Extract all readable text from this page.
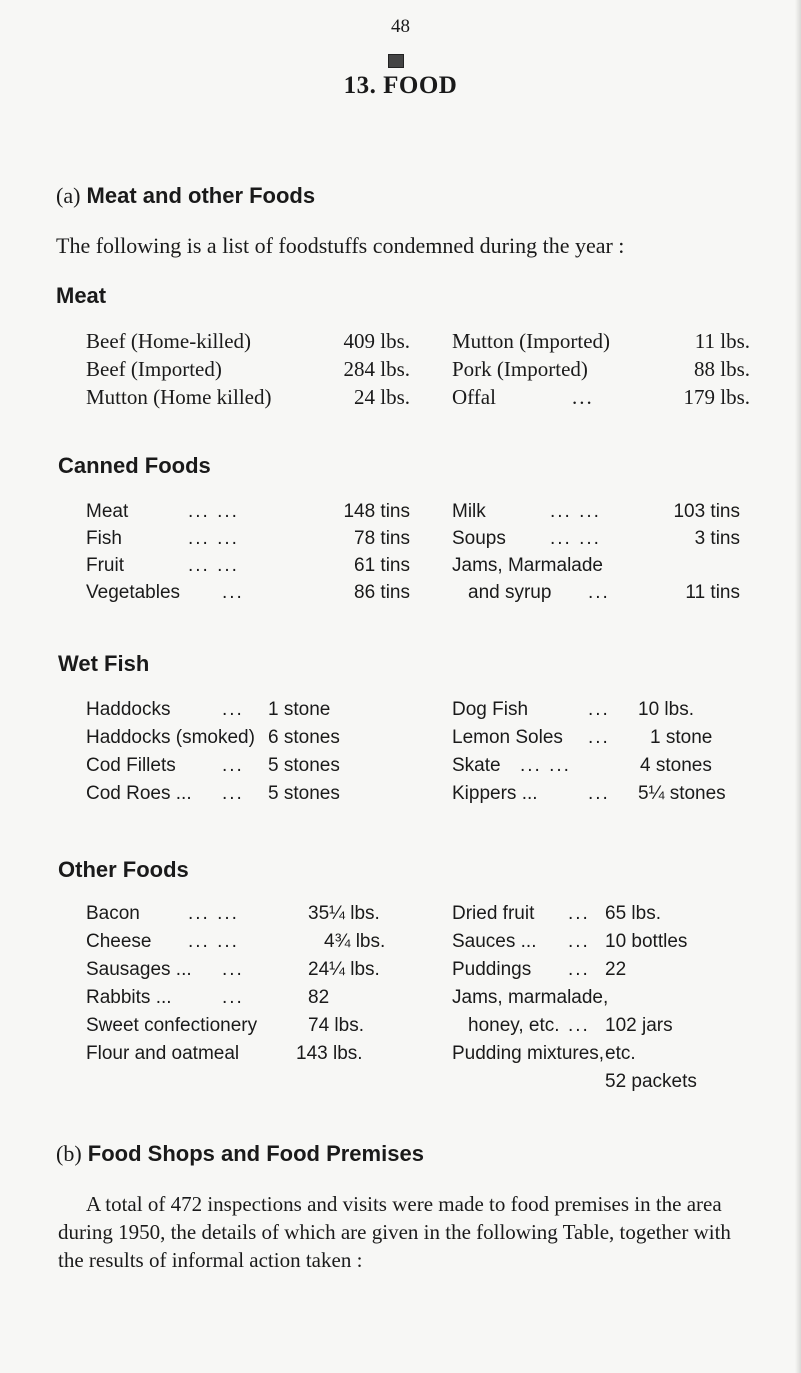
48
13. FOOD
(a) Meat and other Foods
The following is a list of foodstuffs condemned during the year :
Meat
Beef (Home-killed)	409 lbs. Mutton (Imported)	11 lbs.
Beef (Imported)	284 lbs. Pork (Imported)	88 lbs.
Mutton (Home killed)	24 lbs. Offal	...	179 lbs.
Canned Foods
Meat	... ...	148 tins Milk	... ...	103 tins
Fish	... ...	78 tins Soups ... ...	3 tins
Fruit	... ...	61 tins Jams, Marmalade
Vegetables ...	86 tins	and syrup ...	11 tins
Wet Fish
Haddocks	... 1 stone	Dog Fish	... 10 lbs.
Haddocks (smoked) 6 stones	Lemon Soles ... 1 stone
Cod Fillets ... 5 stones	Skate ... ...	4 stones
Cod Roes ... ... 5 stones	Kippers ...	... 5¼ stones
Other Foods
Bacon	... ...	35¼ lbs.	Dried fruit ... 65 lbs.
Cheese ... ...	4¾ lbs.	Sauces ... ... 10 bottles
Sausages ... ...	24¼ lbs.	Puddings ... 22
Rabbits ...	...	82	Jams, marmalade,
Sweet confectionery	74 lbs.	honey, etc. ... 102 jars
Flour and oatmeal	143 lbs.	Pudding mixtures, etc.
52 packets
(b) Food Shops and Food Premises
A total of 472 inspections and visits were made to food premises in the area during 1950, the details of which are given in the following Table, together with the results of informal action taken :
